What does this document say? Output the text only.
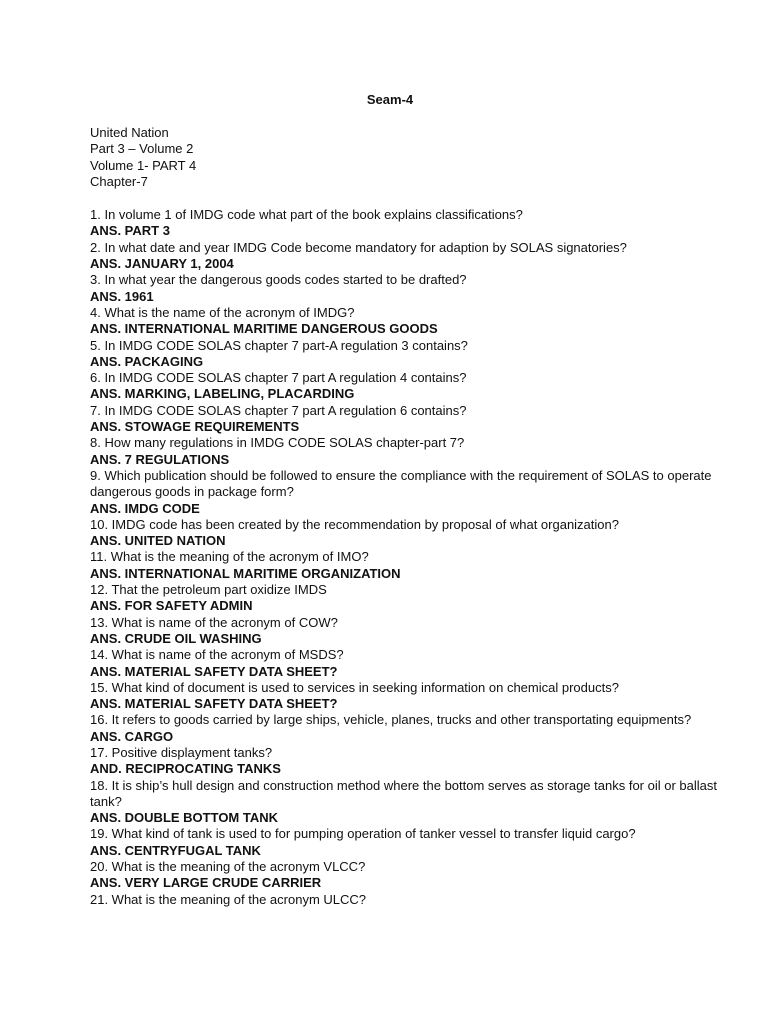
Seam-4
United Nation
Part 3 – Volume 2
Volume 1- PART 4
Chapter-7
1. In volume 1 of IMDG code what part of the book explains classifications?
ANS. PART 3
2. In what date and year IMDG Code become mandatory for adaption by SOLAS signatories?
ANS. JANUARY 1, 2004
3. In what year the dangerous goods codes started to be drafted?
ANS. 1961
4. What is the name of the acronym of IMDG?
ANS. INTERNATIONAL MARITIME DANGEROUS GOODS
5. In IMDG CODE SOLAS chapter 7 part-A regulation 3 contains?
ANS. PACKAGING
6. In IMDG CODE SOLAS chapter 7 part A regulation 4 contains?
ANS. MARKING, LABELING, PLACARDING
7. In IMDG CODE SOLAS chapter 7 part A regulation 6 contains?
ANS. STOWAGE REQUIREMENTS
8. How many regulations in IMDG CODE SOLAS chapter-part 7?
ANS. 7 REGULATIONS
9. Which publication should be followed to ensure the compliance with the requirement of SOLAS to operate dangerous goods in package form?
ANS. IMDG CODE
10. IMDG code has been created by the recommendation by proposal of what organization?
ANS. UNITED NATION
11. What is the meaning of the acronym of IMO?
ANS. INTERNATIONAL MARITIME ORGANIZATION
12. That the petroleum part oxidize IMDS
ANS. FOR SAFETY ADMIN
13. What is name of the acronym of COW?
ANS. CRUDE OIL WASHING
14. What is name of the acronym of MSDS?
ANS. MATERIAL SAFETY DATA SHEET?
15. What kind of document is used to services in seeking information on chemical products?
ANS. MATERIAL SAFETY DATA SHEET?
16. It refers to goods carried by large ships, vehicle, planes, trucks and other transportating equipments?
ANS. CARGO
17. Positive displayment tanks?
AND. RECIPROCATING TANKS
18. It is ship’s hull design and construction method where the bottom serves as storage tanks for oil or ballast tank?
ANS. DOUBLE BOTTOM TANK
19. What kind of tank is used to for pumping operation of tanker vessel to transfer liquid cargo?
ANS. CENTRYFUGAL TANK
20. What is the meaning of the acronym VLCC?
ANS. VERY LARGE CRUDE CARRIER
21. What is the meaning of the acronym ULCC?
